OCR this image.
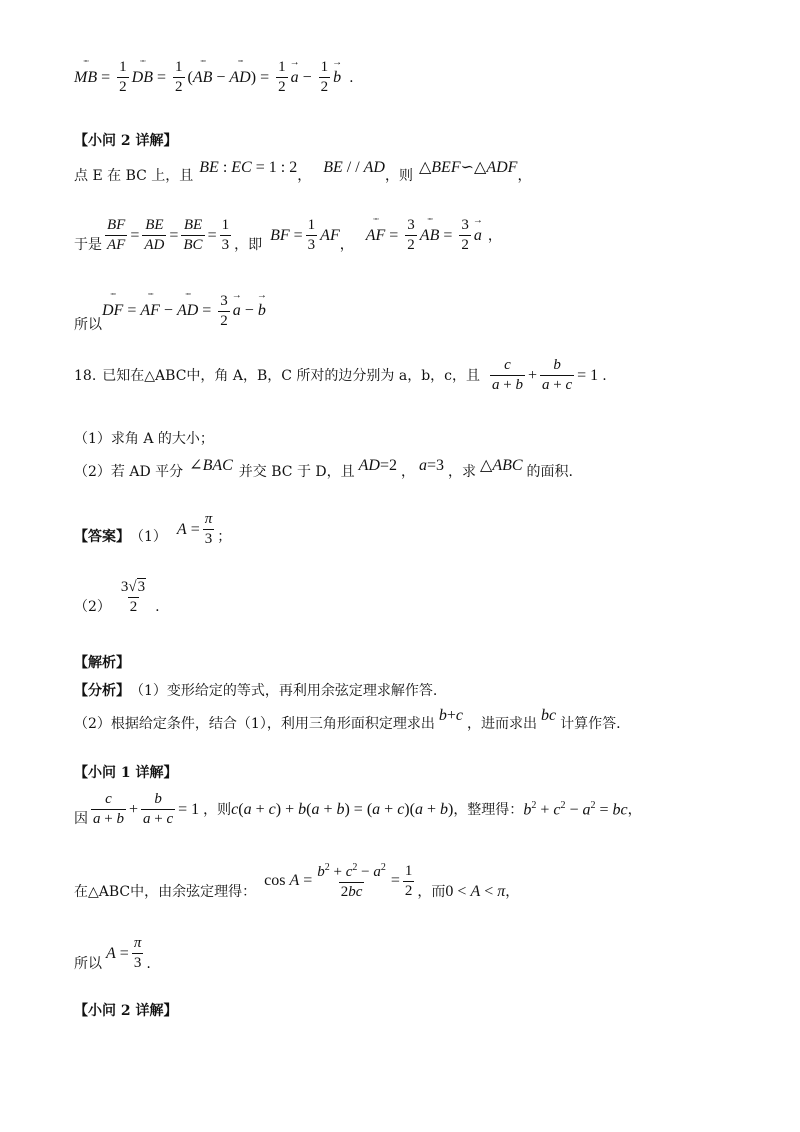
▫▫▫ MB = $\frac{1}{2}$
▫▫▫ DB = $\frac{1}{2}$ (
▫▫▫ AB −
▫▫▫ AD ) = $\frac{1}{2}$
→ $a - \frac{1}{2}$
→ b .
【小问 2 详解】
点 E 在 BC 上，且 BE : EC = 1 : 2 ， BE / / AD ，则 △BEF∽△ADF ，
于是 $\frac{BF}{AF} = \frac{BE}{AD} = \frac{BE}{BC} = \frac{1}{3}$ ，即
BF = $\frac{1}{3}$ AF
，
▫▫▫ AF = $\frac{3}{2}$
▫▫▫ AB = $\frac{3}{2}$
→ a ，
所以
▫▫▫ DF =
▫▫▫ AF −
▫▫▫ AD = $\frac{3}{2}$
→ a −
→ b
18. 已知在△ABC中，角 A，B，C 所对的边分别为 a，b，c，且 $\frac{c}{a + b} + \frac{b}{a + c} = 1$ .
（1）求角 A 的大小；
（2）若 AD 平分 ∠BAC 并交 BC 于 D，且 AD=2 ， a=3 ，求 △ABC 的面积.
【答案】 （1） $A = \frac{\pi}{3}$ ；
$(2) \frac{3√3}{2}$ .
【解析】
【分析】 （1）变形给定的等式，再利用余弦定理求解作答.
（2）根据给定条件，结合（1），利用三角形面积定理求出 b+c ，进而求出 bc 计算作答.
【小问 1 详解】
因 $\frac{c}{a + b} + \frac{b}{a + c} = 1$ ，则 c(a + c) + b(a + b) = (a + c)(a + b) ，整理得： $b^2 + c^2 - a^2$ = bc ，
在△ABC中，由余弦定理得：
$\cos A = \frac{b^2 + c^2 - a^2}{2bc} = \frac{1}{2}$ ，而 0 < A < π ，
所以
$A = \frac{\pi}{3}$ .
【小问 2 详解】
